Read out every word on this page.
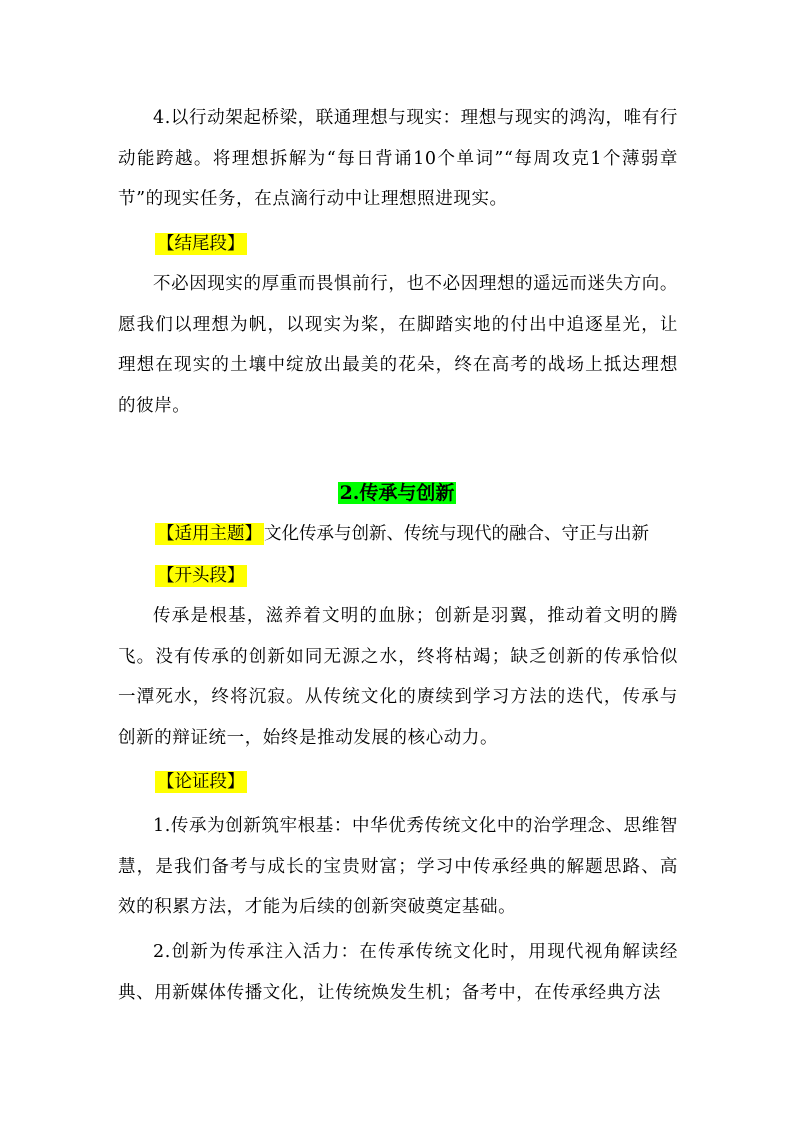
4.以行动架起桥梁，联通理想与现实：理想与现实的鸿沟，唯有行动能跨越。将理想拆解为“每日背诵10个单词”“每周攻克1个薄弱章节”的现实任务，在点滴行动中让理想照进现实。

【结尾段】

不必因现实的厚重而畏惧前行，也不必因理想的遥远而迷失方向。愿我们以理想为帆，以现实为桨，在脚踏实地的付出中追逐星光，让理想在现实的土壤中绽放出最美的花朵，终在高考的战场上抵达理想的彼岸。

2.传承与创新

【适用主题】 文化传承与创新、传统与现代的融合、守正与出新

【开头段】

传承是根基，滋养着文明的血脉；创新是羽翼，推动着文明的腾飞。没有传承的创新如同无源之水，终将枯竭；缺乏创新的传承恰似一潭死水，终将沉寂。从传统文化的赓续到学习方法的迭代，传承与创新的辩证统一，始终是推动发展的核心动力。

【论证段】

1.传承为创新筑牢根基：中华优秀传统文化中的治学理念、思维智慧，是我们备考与成长的宝贵财富；学习中传承经典的解题思路、高效的积累方法，才能为后续的创新突破奠定基础。

2.创新为传承注入活力：在传承传统文化时，用现代视角解读经典、用新媒体传播文化，让传统焕发生机；备考中，在传承经典方法
